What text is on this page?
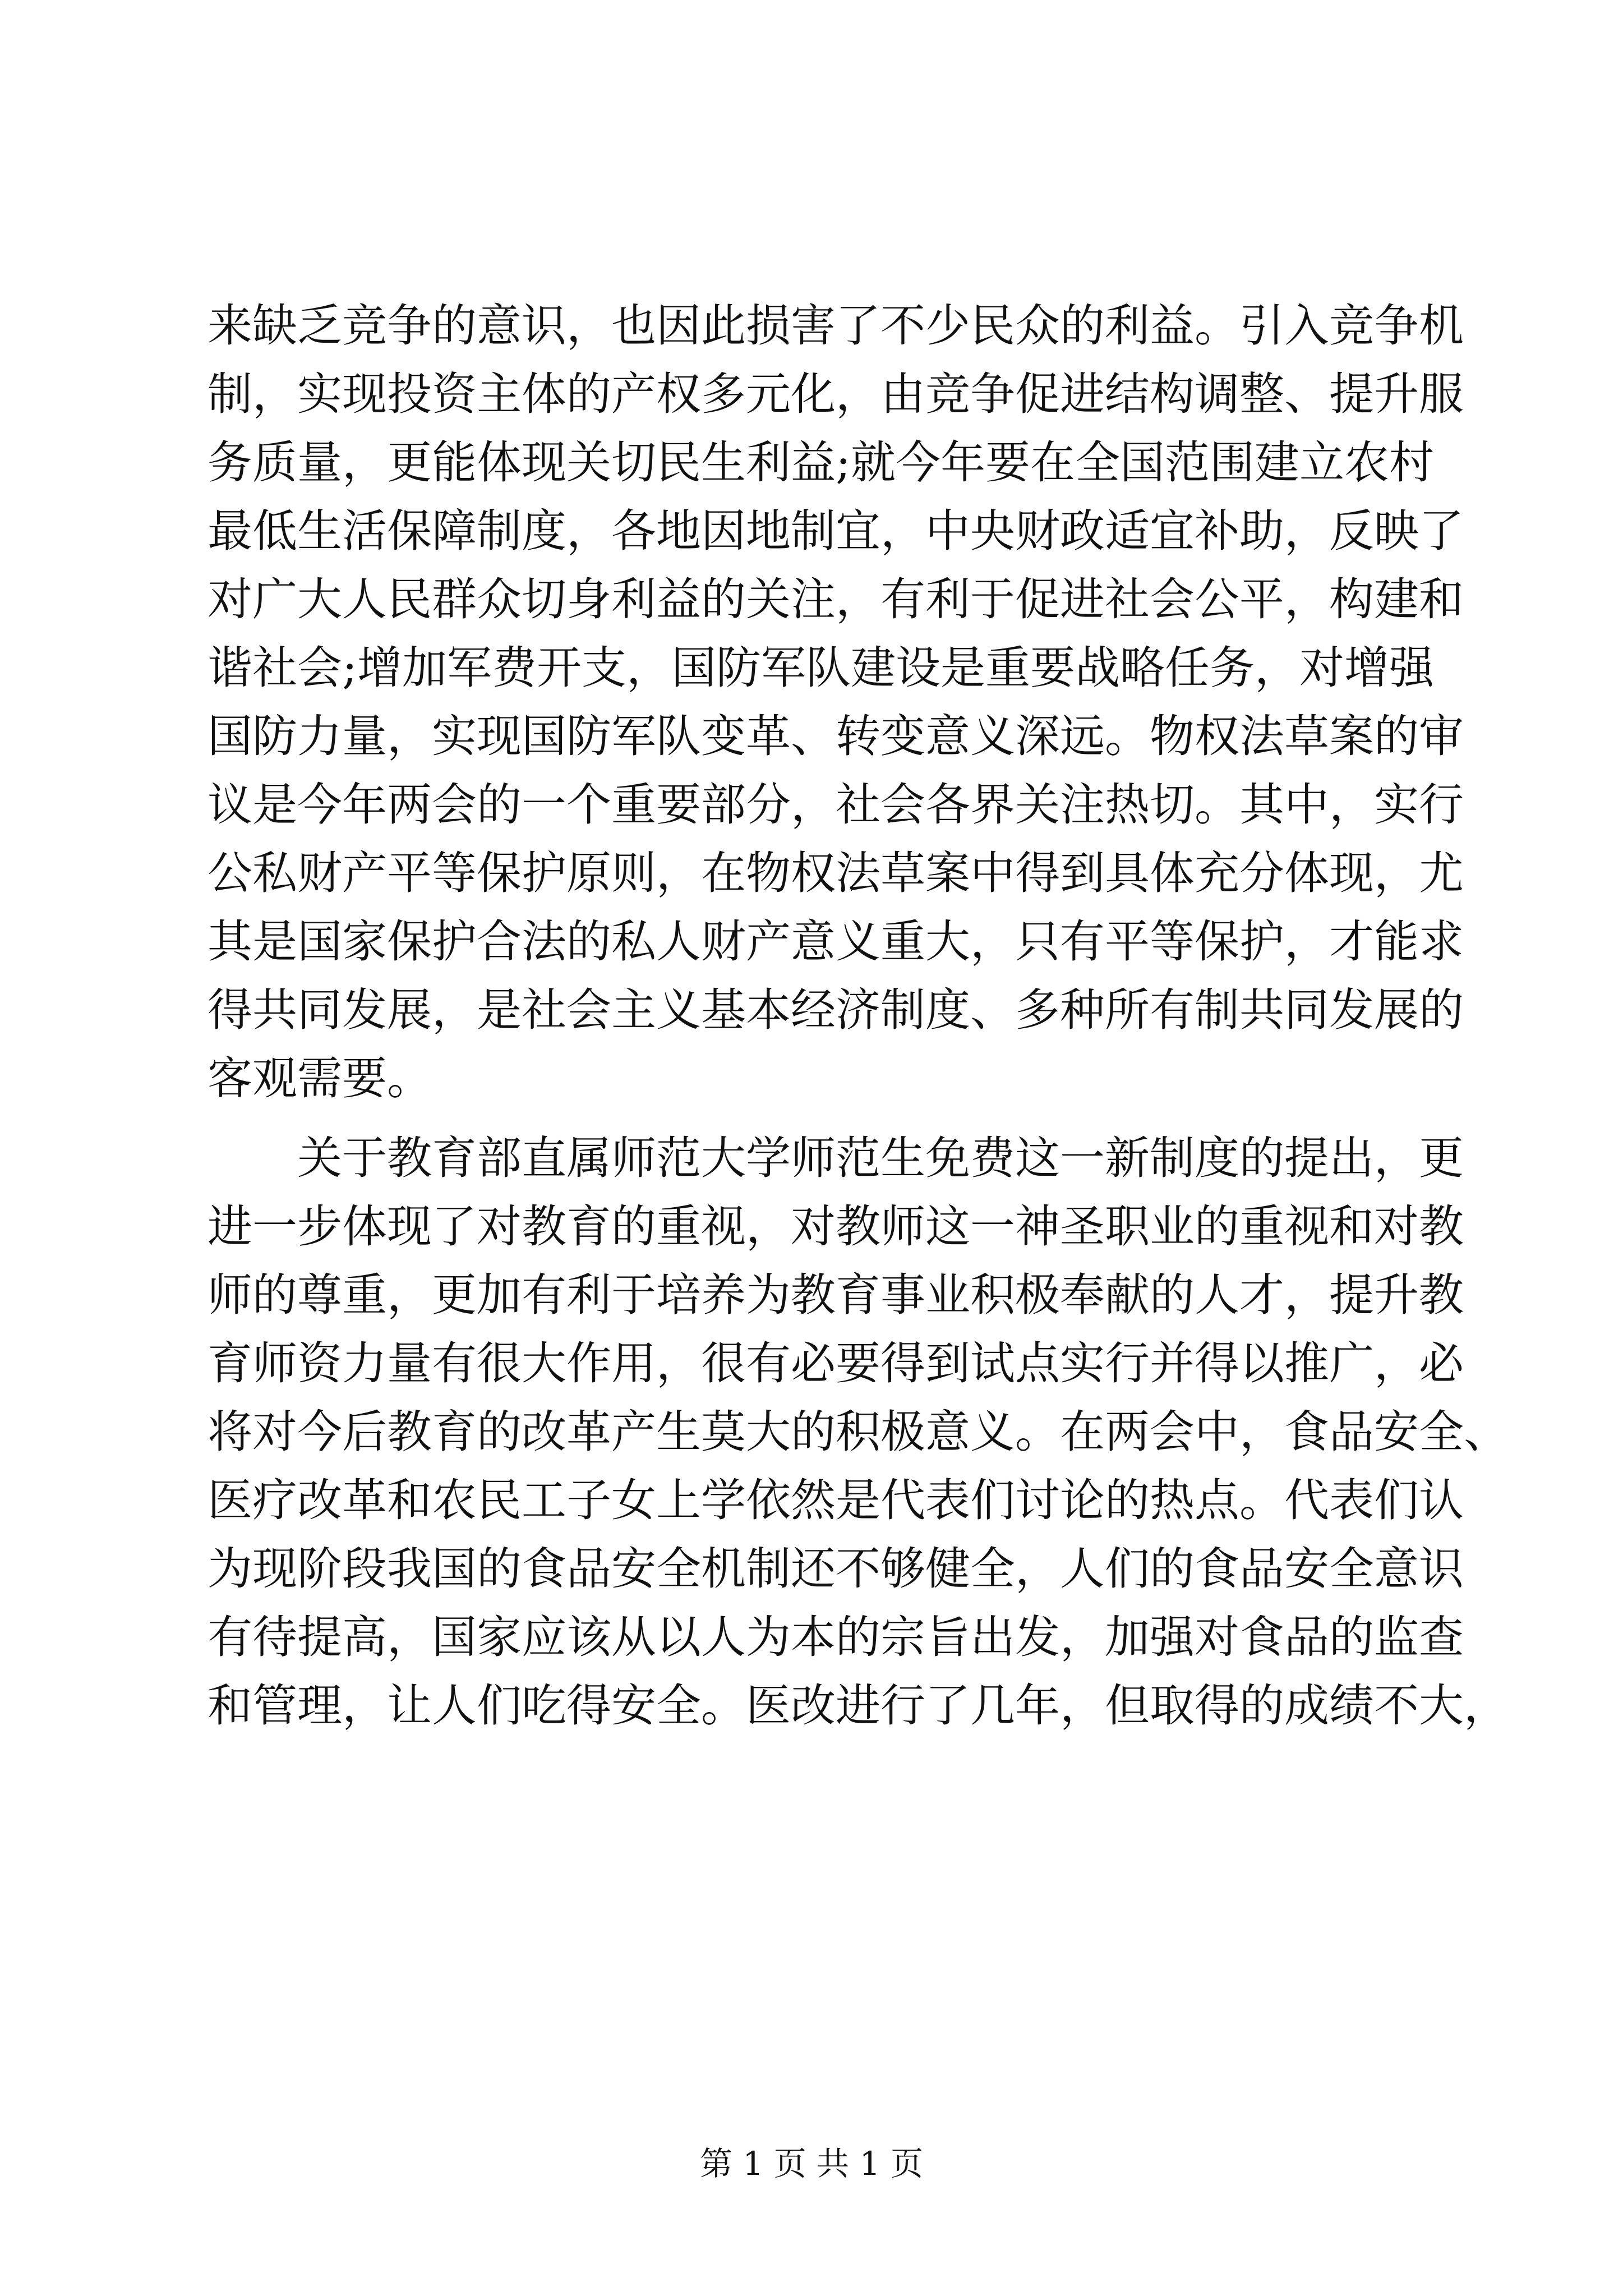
来缺乏竞争的意识，也因此损害了不少民众的利益。引入竞争机
制，实现投资主体的产权多元化，由竞争促进结构调整、提升服
务质量，更能体现关切民生利益;就今年要在全国范围建立农村
最低生活保障制度，各地因地制宜，中央财政适宜补助，反映了
对广大人民群众切身利益的关注，有利于促进社会公平，构建和
谐社会;增加军费开支，国防军队建设是重要战略任务，对增强
国防力量，实现国防军队变革、转变意义深远。物权法草案的审
议是今年两会的一个重要部分，社会各界关注热切。其中，实行
公私财产平等保护原则，在物权法草案中得到具体充分体现，尤
其是国家保护合法的私人财产意义重大，只有平等保护，才能求
得共同发展，是社会主义基本经济制度、多种所有制共同发展的
客观需要。
　　关于教育部直属师范大学师范生免费这一新制度的提出，更
进一步体现了对教育的重视，对教师这一神圣职业的重视和对教
师的尊重，更加有利于培养为教育事业积极奉献的人才，提升教
育师资力量有很大作用，很有必要得到试点实行并得以推广，必
将对今后教育的改革产生莫大的积极意义。在两会中，食品安全、
医疗改革和农民工子女上学依然是代表们讨论的热点。代表们认
为现阶段我国的食品安全机制还不够健全，人们的食品安全意识
有待提高，国家应该从以人为本的宗旨出发，加强对食品的监查
和管理，让人们吃得安全。医改进行了几年，但取得的成绩不大，
第 1 页 共 1 页
